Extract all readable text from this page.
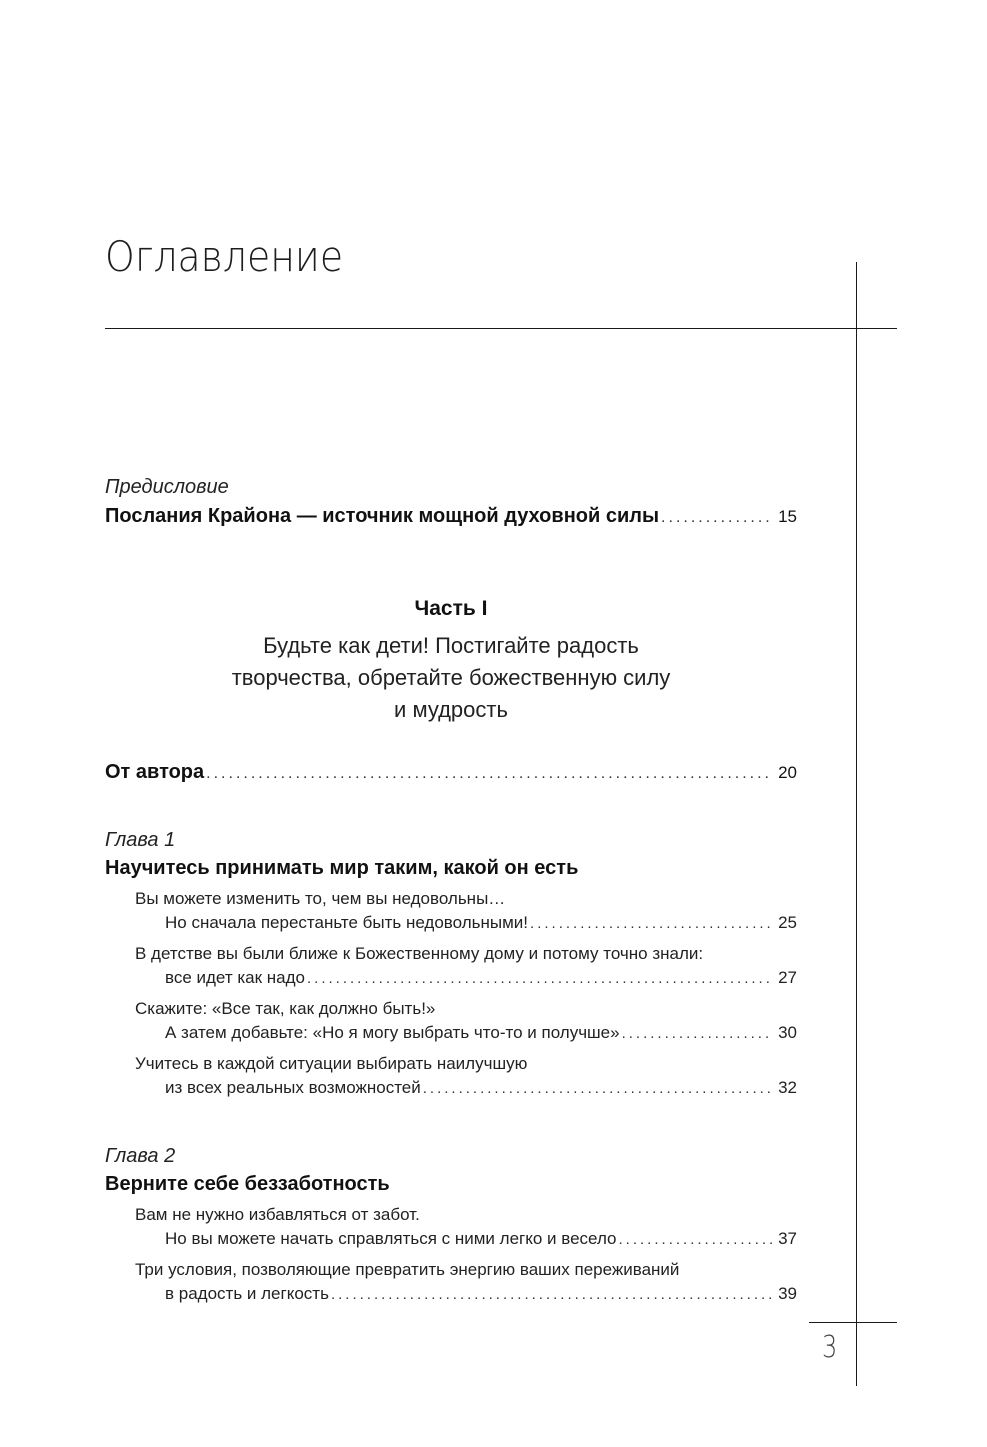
Оглавление
Предисловие
Послания Крайона — источник мощной духовной силы .....	15
Часть I
Будьте как дети! Постигайте радость
творчества, обретайте божественную силу
и мудрость
От автора .....	20
Глава 1
Научитесь принимать мир таким, какой он есть
Вы можете изменить то, чем вы недовольны…
Но сначала перестаньте быть недовольными! .....	25
В детстве вы были ближе к Божественному дому и потому точно знали:
все идет как надо .....	27
Скажите: «Все так, как должно быть!»
А затем добавьте: «Но я могу выбрать что-то и получше» .....	30
Учитесь в каждой ситуации выбирать наилучшую
из всех реальных возможностей .....	32
Глава 2
Верните себе беззаботность
Вам не нужно избавляться от забот.
Но вы можете начать справляться с ними легко и весело .....	37
Три условия, позволяющие превратить энергию ваших переживаний
в радость и легкость .....	39
3
